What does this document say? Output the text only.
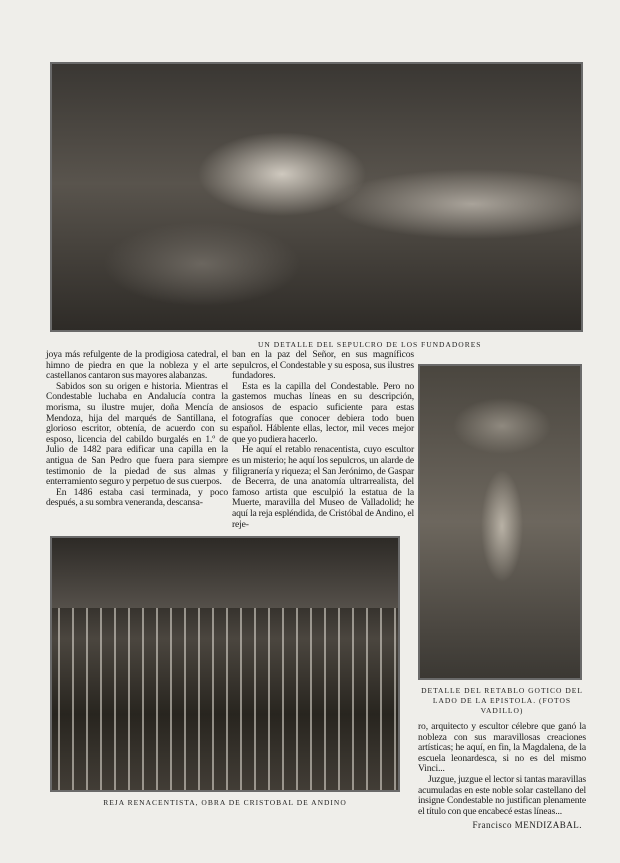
UN DETALLE DEL SEPULCRO DE LOS FUNDADORES

joya más refulgente de la prodigiosa catedral, el himno de piedra en que la nobleza y el arte castellanos cantaron sus mayores alabanzas.

Sabidos son su origen e historia. Mientras el Condestable luchaba en Andalucía contra la morisma, su ilustre mujer, doña Mencía de Mendoza, hija del marqués de Santillana, el glorioso escritor, obtenía, de acuerdo con su esposo, licencia del cabildo burgalés en 1.º de Julio de 1482 para edificar una capilla en la antigua de San Pedro que fuera para siempre testimonio de la piedad de sus almas y enterramiento seguro y perpetuo de sus cuerpos.

En 1486 estaba casi terminada, y poco después, a su sombra veneranda, descansa-

ban en la paz del Señor, en sus magníficos sepulcros, el Condestable y su esposa, sus ilustres fundadores.

Esta es la capilla del Condestable. Pero no gastemos muchas líneas en su descripción, ansiosos de espacio suficiente para estas fotografías que conocer debiera todo buen español. Háblente ellas, lector, mil veces mejor que yo pudiera hacerlo.

He aquí el retablo renacentista, cuyo escultor es un misterio; he aquí los sepulcros, un alarde de filigranería y riqueza; el San Jerónimo, de Gaspar de Becerra, de una anatomía ultrarrealista, del famoso artista que esculpió la estatua de la Muerte, maravilla del Museo de Valladolid; he aquí la reja espléndida, de Cristóbal de Andino, el reje-

REJA RENACENTISTA, OBRA DE CRISTOBAL DE ANDINO
DETALLE DEL RETABLO GOTICO DEL LADO DE LA EPISTOLA. (FOTOS VADILLO)

ro, arquitecto y escultor célebre que ganó la nobleza con sus maravillosas creaciones artísticas; he aquí, en fin, la Magdalena, de la escuela leonardesca, si no es del mismo Vinci...

Juzgue, juzgue el lector si tantas maravillas acumuladas en este noble solar castellano del insigne Condestable no justifican plenamente el título con que encabecé estas líneas...

Francisco MENDIZABAL.
